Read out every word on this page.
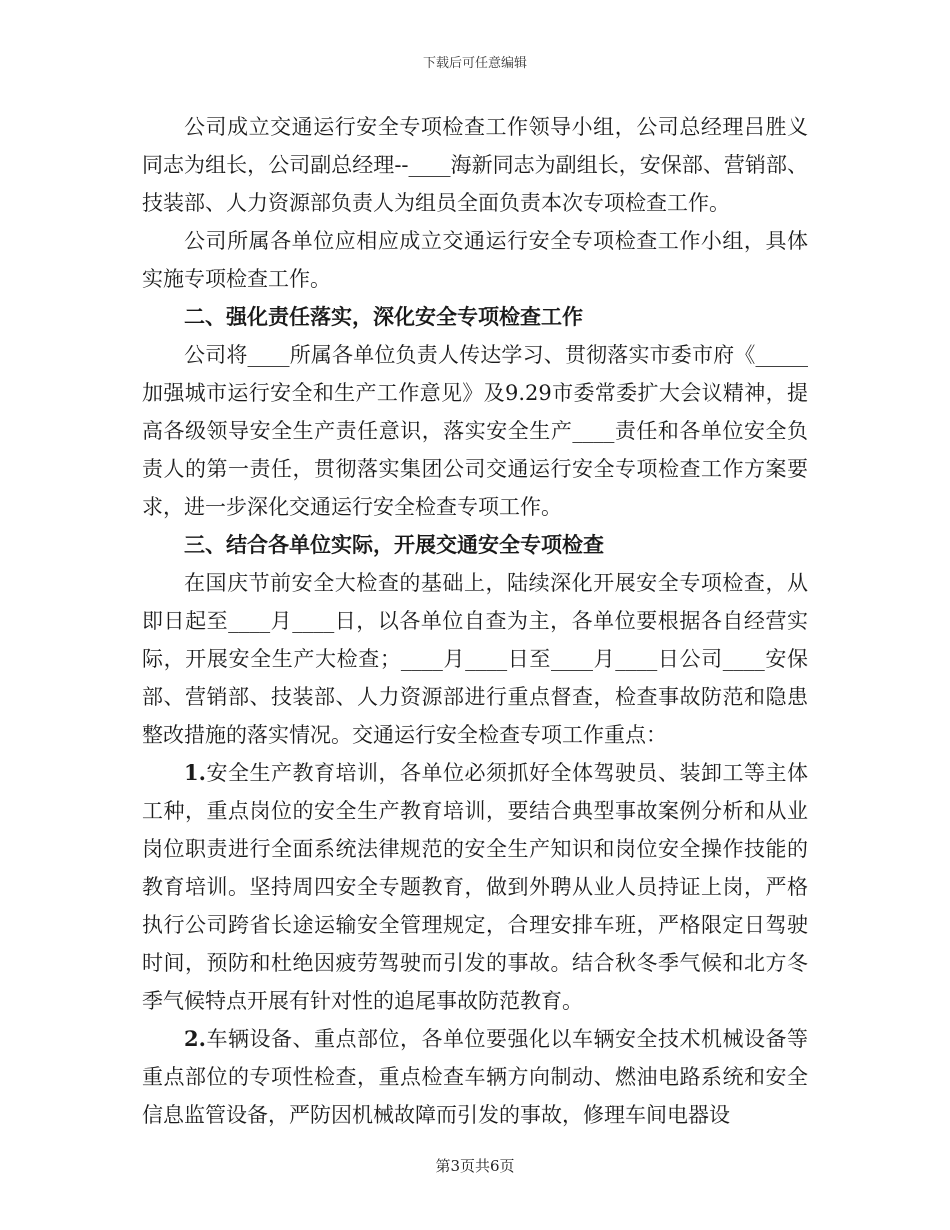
下载后可任意编辑

公司成立交通运行安全专项检查工作领导小组，公司总经理吕胜义同志为组长，公司副总经理--____海新同志为副组长，安保部、营销部、技装部、人力资源部负责人为组员全面负责本次专项检查工作。

公司所属各单位应相应成立交通运行安全专项检查工作小组，具体实施专项检查工作。

二、强化责任落实，深化安全专项检查工作

公司将____所属各单位负责人传达学习、贯彻落实市委市府《_____加强城市运行安全和生产工作意见》及9.29市委常委扩大会议精神，提高各级领导安全生产责任意识，落实安全生产____责任和各单位安全负责人的第一责任，贯彻落实集团公司交通运行安全专项检查工作方案要求，进一步深化交通运行安全检查专项工作。

三、结合各单位实际，开展交通安全专项检查

在国庆节前安全大检查的基础上，陆续深化开展安全专项检查，从即日起至____月____日，以各单位自查为主，各单位要根据各自经营实际，开展安全生产大检查；____月____日至____月____日公司____安保部、营销部、技装部、人力资源部进行重点督查，检查事故防范和隐患整改措施的落实情况。交通运行安全检查专项工作重点：

1.安全生产教育培训，各单位必须抓好全体驾驶员、装卸工等主体工种，重点岗位的安全生产教育培训，要结合典型事故案例分析和从业岗位职责进行全面系统法律规范的安全生产知识和岗位安全操作技能的教育培训。坚持周四安全专题教育，做到外聘从业人员持证上岗，严格执行公司跨省长途运输安全管理规定，合理安排车班，严格限定日驾驶时间，预防和杜绝因疲劳驾驶而引发的事故。结合秋冬季气候和北方冬季气候特点开展有针对性的追尾事故防范教育。

2.车辆设备、重点部位，各单位要强化以车辆安全技术机械设备等重点部位的专项性检查，重点检查车辆方向制动、燃油电路系统和安全信息监管设备，严防因机械故障而引发的事故，修理车间电器设

第3页共6页
